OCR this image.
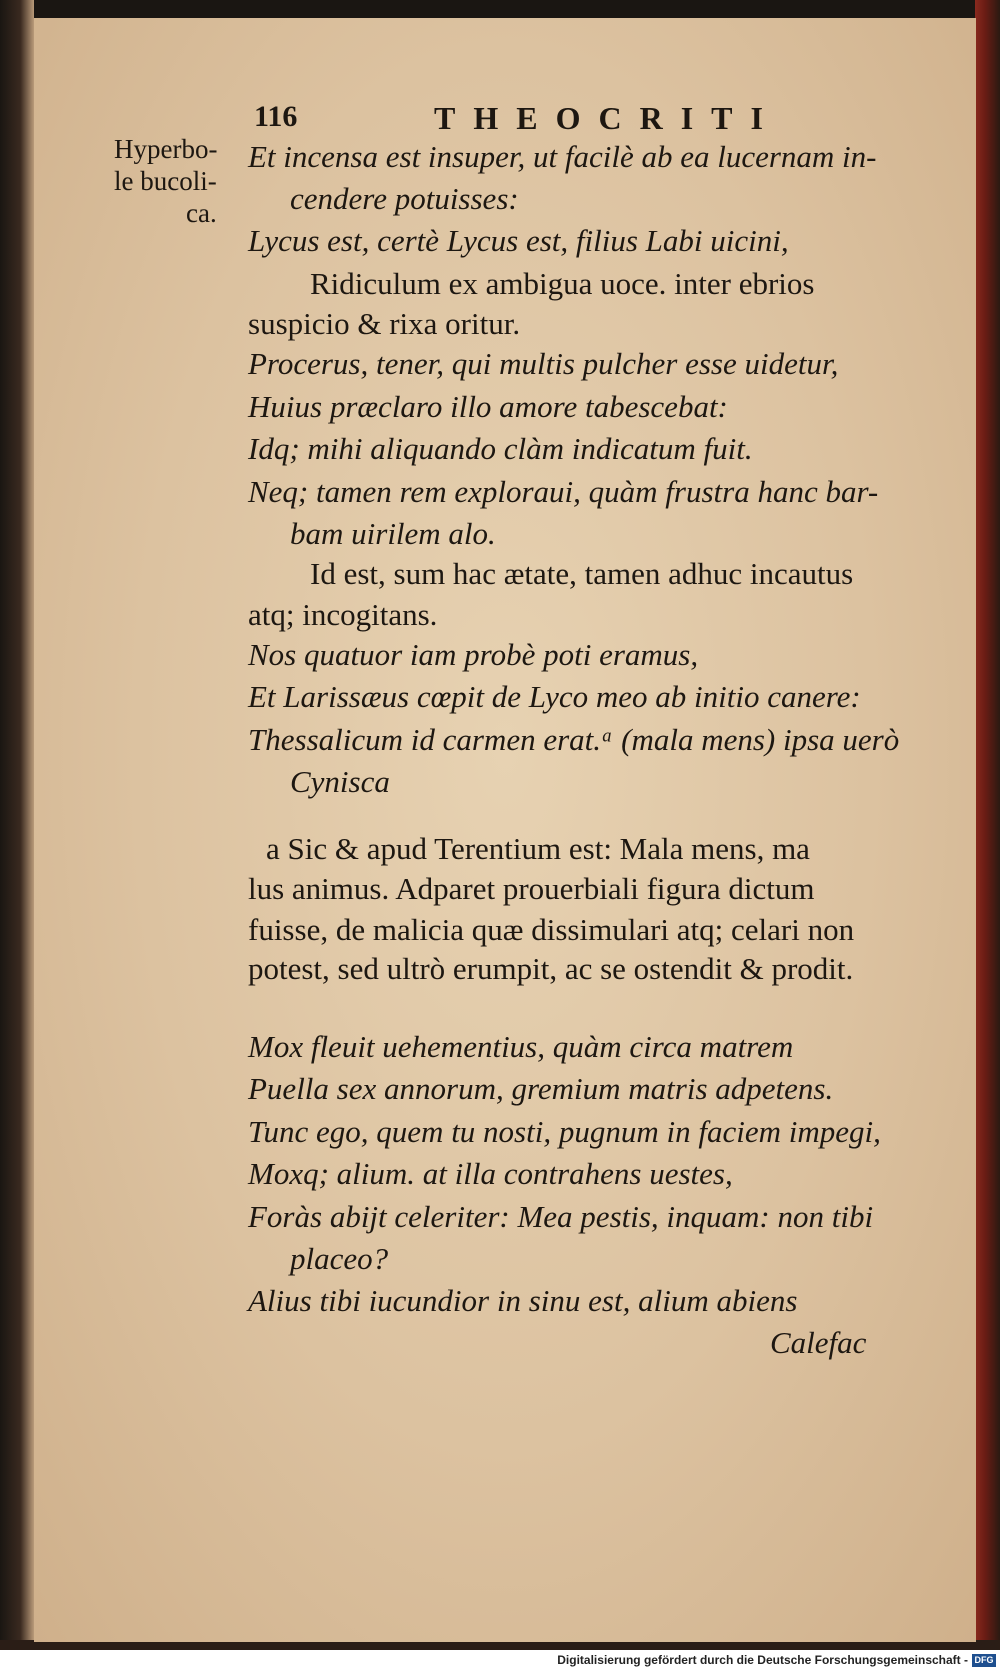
116	THEOCRITI
Hyperbo-
le bucoli-
ca.
Et incensa est insuper, ut facilè ab ea lucernam in-
cendere potuisses:
Lycus est, certè Lycus est, filius Labi uicini,
Ridiculum ex ambigua uoce. inter ebrios
suspicio & rixa oritur.
Procerus, tener, qui multis pulcher esse uidetur,
Huius præclaro illo amore tabescebat:
Idq; mihi aliquando clàm indicatum fuit.
Neq; tamen rem exploraui, quàm frustra hanc bar-
bam uirilem alo.
Id est, sum hac ætate, tamen adhuc incautus
atq; incogitans.
Nos quatuor iam probè poti eramus,
Et Larissæus cœpit de Lyco meo ab initio canere:
Thessalicum id carmen erat.ᵃ (mala mens) ipsa uerò
Cynisca
a Sic & apud Terentium est: Mala mens, ma
lus animus. Adparet prouerbiali figura dictum
fuisse, de malicia quæ dissimulari atq; celari non
potest, sed ultrò erumpit, ac se ostendit & prodit.
Mox fleuit uehementius, quàm circa matrem
Puella sex annorum, gremium matris adpetens.
Tunc ego, quem tu nosti, pugnum in faciem impegi,
Moxq; alium. at illa contrahens uestes,
Foràs abijt celeriter: Mea pestis, inquam: non tibi
placeo?
Alius tibi iucundior in sinu est, alium abiens
Calefac
Digitalisierung gefördert durch die Deutsche Forschungsgemeinschaft - DFG
